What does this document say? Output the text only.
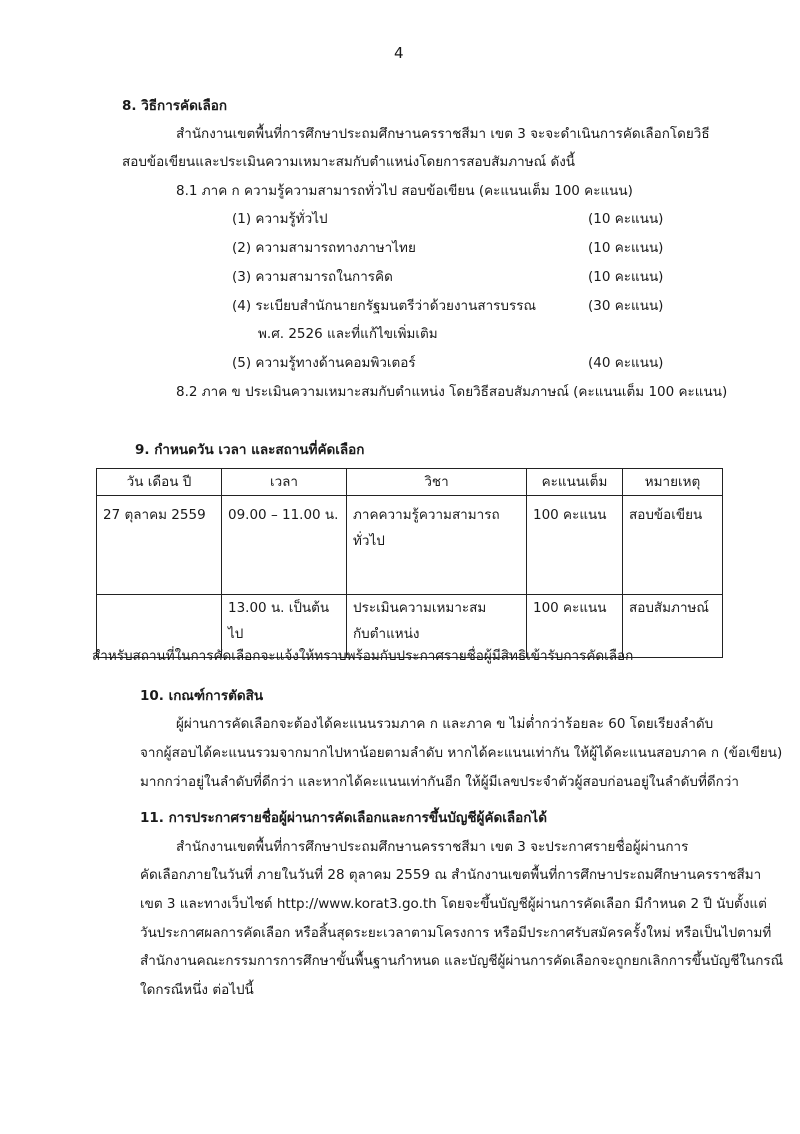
4
8. วิธีการคัดเลือก
สำนักงานเขตพื้นที่การศึกษาประถมศึกษานครราชสีมา เขต 3 จะจะดำเนินการคัดเลือกโดยวิธี
สอบข้อเขียนและประเมินความเหมาะสมกับตำแหน่งโดยการสอบสัมภาษณ์ ดังนี้
8.1 ภาค ก ความรู้ความสามารถทั่วไป สอบข้อเขียน (คะแนนเต็ม 100 คะแนน)
(1) ความรู้ทั่วไป	(10 คะแนน)
(2) ความสามารถทางภาษาไทย	(10 คะแนน)
(3) ความสามารถในการคิด	(10 คะแนน)
(4) ระเบียบสำนักนายกรัฐมนตรีว่าด้วยงานสารบรรณ	(30 คะแนน)
พ.ศ. 2526 และที่แก้ไขเพิ่มเติม
(5) ความรู้ทางด้านคอมพิวเตอร์	(40 คะแนน)
8.2 ภาค ข ประเมินความเหมาะสมกับตำแหน่ง โดยวิธีสอบสัมภาษณ์ (คะแนนเต็ม 100 คะแนน)
9. กำหนดวัน เวลา และสถานที่คัดเลือก
วัน เดือน ปี	เวลา	วิชา	คะแนนเต็ม	หมายเหตุ

27 ตุลาคม 2559	09.00 – 11.00 น.	ภาคความรู้ความสามารถ
ทั่วไป	100 คะแนน	สอบข้อเขียน

	13.00 น. เป็นต้นไป	ประเมินความเหมาะสม
กับตำแหน่ง	100 คะแนน	สอบสัมภาษณ์
สำหรับสถานที่ในการคัดเลือกจะแจ้งให้ทราบพร้อมกับประกาศรายชื่อผู้มีสิทธิเข้ารับการคัดเลือก
10. เกณฑ์การตัดสิน
ผู้ผ่านการคัดเลือกจะต้องได้คะแนนรวมภาค ก และภาค ข ไม่ต่ำกว่าร้อยละ 60 โดยเรียงลำดับ
จากผู้สอบได้คะแนนรวมจากมากไปหาน้อยตามลำดับ หากได้คะแนนเท่ากัน ให้ผู้ได้คะแนนสอบภาค ก (ข้อเขียน)
มากกว่าอยู่ในลำดับที่ดีกว่า และหากได้คะแนนเท่ากันอีก ให้ผู้มีเลขประจำตัวผู้สอบก่อนอยู่ในลำดับที่ดีกว่า
11. การประกาศรายชื่อผู้ผ่านการคัดเลือกและการขึ้นบัญชีผู้คัดเลือกได้
สำนักงานเขตพื้นที่การศึกษาประถมศึกษานครราชสีมา เขต 3 จะประกาศรายชื่อผู้ผ่านการ
คัดเลือกภายในวันที่ ภายในวันที่ 28 ตุลาคม 2559 ณ สำนักงานเขตพื้นที่การศึกษาประถมศึกษานครราชสีมา
เขต 3 และทางเว็บไซต์ http://www.korat3.go.th โดยจะขึ้นบัญชีผู้ผ่านการคัดเลือก มีกำหนด 2 ปี นับตั้งแต่
วันประกาศผลการคัดเลือก หรือสิ้นสุดระยะเวลาตามโครงการ หรือมีประกาศรับสมัครครั้งใหม่ หรือเป็นไปตามที่
สำนักงานคณะกรรมการการศึกษาขั้นพื้นฐานกำหนด และบัญชีผู้ผ่านการคัดเลือกจะถูกยกเลิกการขึ้นบัญชีในกรณี
ใดกรณีหนึ่ง ต่อไปนี้
